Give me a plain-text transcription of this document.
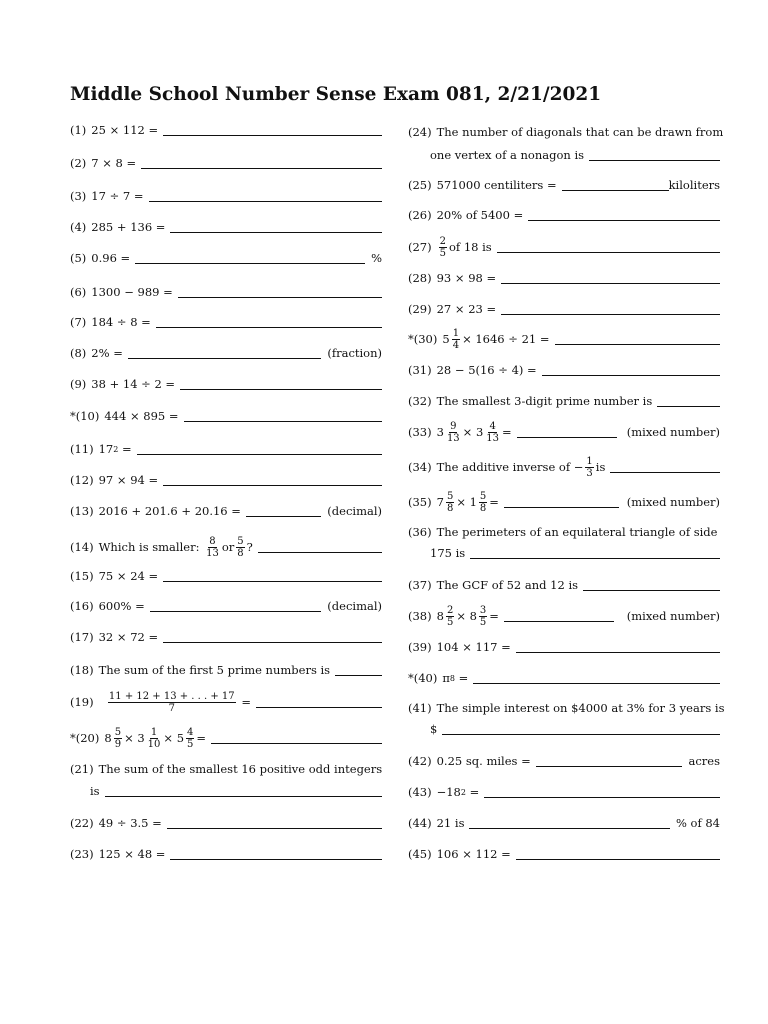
Middle School Number Sense Exam 081, 2/21/2021
(1) 25 × 112 =
(2) 7 × 8 =
(3) 17 ÷ 7 =
(4) 285 + 136 =
(5) 0.96 =	%
(6) 1300 − 989 =
(7) 184 ÷ 8 =
(8) 2% =	(fraction)
(9) 38 + 14 ÷ 2 =
*(10) 444 × 895 =
(11) 17 2
=
(12) 97 × 94 =
(13) 2016 + 201.6 + 20.16 =	(decimal)
(14) Which is smaller:
$\frac{8}{13}$ or $\frac{5}{8}$ ?
(15) 75 × 24 =
(16) 600% =	(decimal)
(17) 32 × 72 =
(18) The sum of the first 5 prime numbers is
(19)
$\frac{11 + 12 + 13 + . . . + 17}{7}$
=
*(20) $8 \frac{5}{9} \times 3 \frac{1}{10} \times 5 \frac{4}{5}$ =
(21) The sum of the smallest 16 positive odd integers
is
(22) 49 ÷ 3.5 =
(23) 125 × 48 =
(24) The number of diagonals that can be drawn from
one vertex of a nonagon is
(25) 571000 centiliters =	kiloliters
(26) 20% of 5400 =
$(27) \frac{2}{5}$ of 18 is
(28) 93 × 98 =
(29) 27 × 23 =
*(30) $5 \frac{1}{4} \times 1646 \div 21$ =
(31) 28 − 5(16 ÷ 4) =
(32) The smallest 3-digit prime number is
(33) $3 \frac{9}{13} \times 3 \frac{4}{13}$ =	(mixed number)
(34) The additive inverse of − $\frac{1}{3}$ is
(35) $7 \frac{5}{8} \times 1 \frac{5}{8}$ =	(mixed number)
(36) The perimeters of an equilateral triangle of side
175 is
(37) The GCF of 52 and 12 is
(38) $8 \frac{2}{5} \times 8 \frac{3}{5}$ =	(mixed number)
(39) 104 × 117 =
*(40) π 8
=
(41) The simple interest on $4000 at 3% for 3 years is
$
(42) 0.25 sq. miles =	acres
(43) −18 2
=
(44) 21 is	% of 84
(45) 106 × 112 =
